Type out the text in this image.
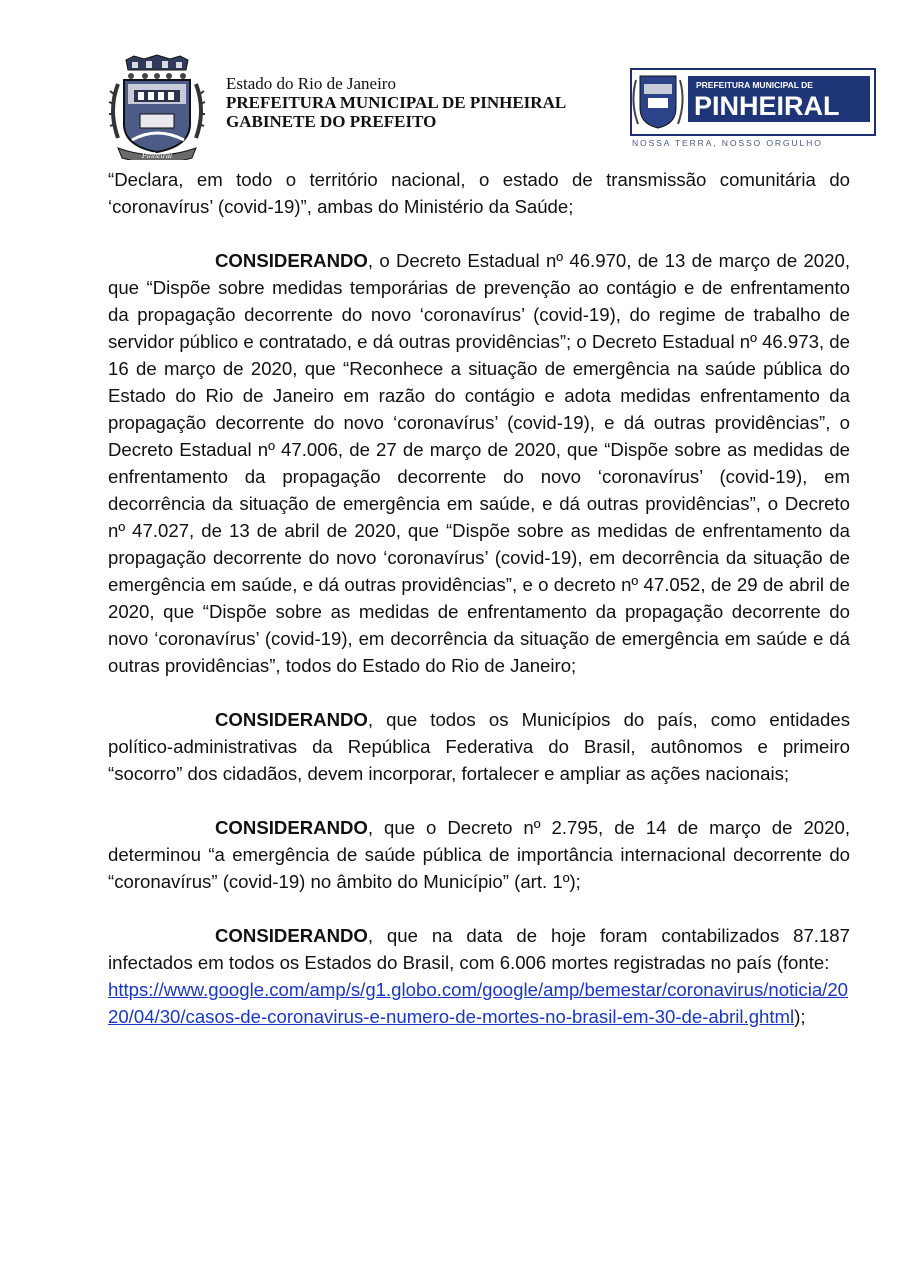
Pinheiral
Estado do Rio de Janeiro
PREFEITURA MUNICIPAL DE PINHEIRAL
GABINETE DO PREFEITO
PREFEITURA MUNICIPAL DE
PINHEIRAL
NOSSA TERRA, NOSSO ORGULHO

“Declara, em todo o território nacional, o estado de transmissão comunitária do ‘coronavírus’ (covid-19)”, ambas do Ministério da Saúde;

CONSIDERANDO, o Decreto Estadual nº 46.970, de 13 de março de 2020, que “Dispõe sobre medidas temporárias de prevenção ao contágio e de enfrentamento da propagação decorrente do novo ‘coronavírus’ (covid-19), do regime de trabalho de servidor público e contratado, e dá outras providências”; o Decreto Estadual nº 46.973, de 16 de março de 2020, que “Reconhece a situação de emergência na saúde pública do Estado do Rio de Janeiro em razão do contágio e adota medidas enfrentamento da propagação decorrente do novo ‘coronavírus’ (covid-19), e dá outras providências”, o Decreto Estadual nº 47.006, de 27 de março de 2020, que “Dispõe sobre as medidas de enfrentamento da propagação decorrente do novo ‘coronavírus’ (covid-19), em decorrência da situação de emergência em saúde, e dá outras providências”, o Decreto nº 47.027, de 13 de abril de 2020, que “Dispõe sobre as medidas de enfrentamento da propagação decorrente do novo ‘coronavírus’ (covid-19), em decorrência da situação de emergência em saúde, e dá outras providências”, e o decreto nº 47.052, de 29 de abril de 2020, que “Dispõe sobre as medidas de enfrentamento da propagação decorrente do novo ‘coronavírus’ (covid-19), em decorrência da situação de emergência em saúde e dá outras providências”, todos do Estado do Rio de Janeiro;

CONSIDERANDO, que todos os Municípios do país, como entidades político-administrativas da República Federativa do Brasil, autônomos e primeiro “socorro” dos cidadãos, devem incorporar, fortalecer e ampliar as ações nacionais;

CONSIDERANDO, que o Decreto nº 2.795, de 14 de março de 2020, determinou “a emergência de saúde pública de importância internacional decorrente do “coronavírus” (covid-19) no âmbito do Município” (art. 1º);

CONSIDERANDO, que na data de hoje foram contabilizados 87.187 infectados em todos os Estados do Brasil, com 6.006 mortes registradas no país (fonte:
https://www.google.com/amp/s/g1.globo.com/google/amp/bemestar/coronavirus/noticia/2020/04/30/casos-de-coronavirus-e-numero-de-mortes-no-brasil-em-30-de-abril.ghtml);
